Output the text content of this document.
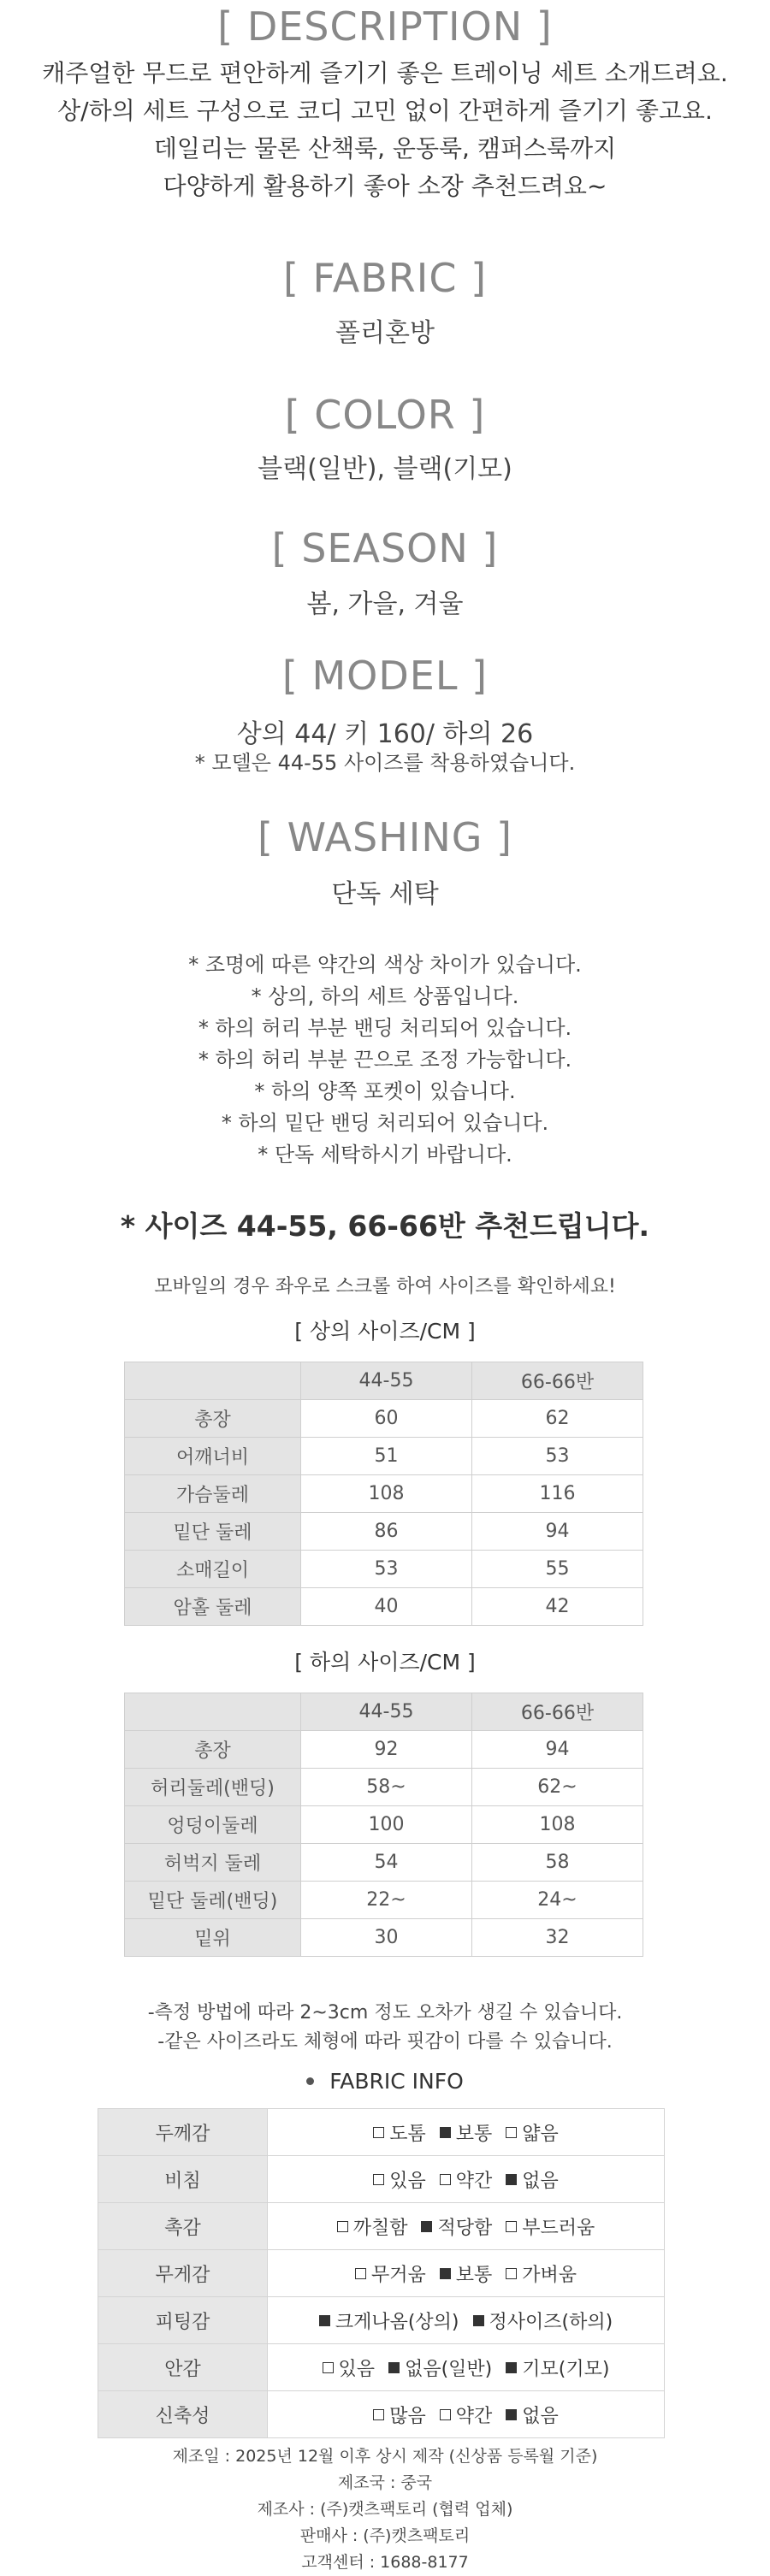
[ DESCRIPTION ]
캐주얼한 무드로 편안하게 즐기기 좋은 트레이닝 세트 소개드려요.
상/하의 세트 구성으로 코디 고민 없이 간편하게 즐기기 좋고요.
데일리는 물론 산책룩, 운동룩, 캠퍼스룩까지
다양하게 활용하기 좋아 소장 추천드려요~
[ FABRIC ]
폴리혼방
[ COLOR ]
블랙(일반), 블랙(기모)
[ SEASON ]
봄, 가을, 겨울
[ MODEL ]
상의 44/ 키 160/ 하의 26
* 모델은 44-55 사이즈를 착용하였습니다.
[ WASHING ]
단독 세탁
* 조명에 따른 약간의 색상 차이가 있습니다.
* 상의, 하의 세트 상품입니다.
* 하의 허리 부분 밴딩 처리되어 있습니다.
* 하의 허리 부분 끈으로 조정 가능합니다.
* 하의 양쪽 포켓이 있습니다.
* 하의 밑단 밴딩 처리되어 있습니다.
* 단독 세탁하시기 바랍니다.
* 사이즈 44-55, 66-66반 추천드립니다.
모바일의 경우 좌우로 스크롤 하여 사이즈를 확인하세요!
[ 상의 사이즈/CM ]
	44-55	66-66반
총장	60	62
어깨너비	51	53
가슴둘레	108	116
밑단 둘레	86	94
소매길이	53	55
암홀 둘레	40	42
[ 하의 사이즈/CM ]
	44-55	66-66반
총장	92	94
허리둘레(밴딩)	58~	62~
엉덩이둘레	100	108
허벅지 둘레	54	58
밑단 둘레(밴딩)	22~	24~
밑위	30	32
-측정 방법에 따라 2~3cm 정도 오차가 생길 수 있습니다.
-같은 사이즈라도 체형에 따라 핏감이 다를 수 있습니다.
FABRIC INFO
두께감	도톰 보통 얇음
비침	있음 약간 없음
촉감	까칠함 적당함 부드러움
무게감	무거움 보통 가벼움
피팅감	크게나옴(상의) 정사이즈(하의)
안감	있음 없음(일반) 기모(기모)
신축성	많음 약간 없음
제조일 : 2025년 12월 이후 상시 제작 (신상품 등록월 기준)
제조국 : 중국
제조사 : (주)캣츠팩토리 (협력 업체)
판매사 : (주)캣츠팩토리
고객센터 : 1688-8177
